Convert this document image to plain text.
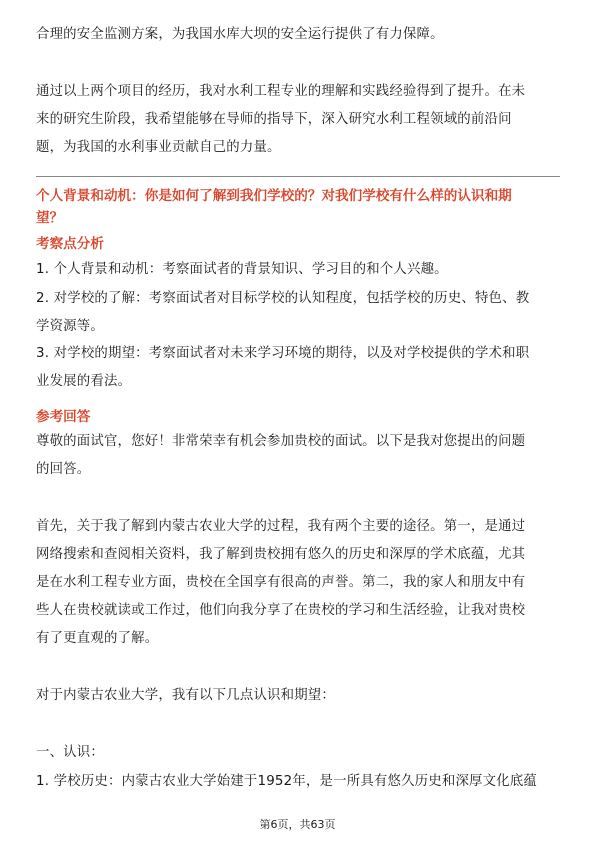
合理的安全监测方案，为我国水库大坝的安全运行提供了有力保障。

通过以上两个项目的经历，我对水利工程专业的理解和实践经验得到了提升。在未
来的研究生阶段，我希望能够在导师的指导下，深入研究水利工程领域的前沿问
题，为我国的水利事业贡献自己的力量。

个人背景和动机：你是如何了解到我们学校的？对我们学校有什么样的认识和期
望？

考察点分析

1. 个人背景和动机：考察面试者的背景知识、学习目的和个人兴趣。

2. 对学校的了解：考察面试者对目标学校的认知程度，包括学校的历史、特色、教
学资源等。

3. 对学校的期望：考察面试者对未来学习环境的期待，以及对学校提供的学术和职
业发展的看法。

参考回答

尊敬的面试官，您好！非常荣幸有机会参加贵校的面试。以下是我对您提出的问题
的回答。

首先，关于我了解到内蒙古农业大学的过程，我有两个主要的途径。第一，是通过
网络搜索和查阅相关资料，我了解到贵校拥有悠久的历史和深厚的学术底蕴，尤其
是在水利工程专业方面，贵校在全国享有很高的声誉。第二，我的家人和朋友中有
些人在贵校就读或工作过，他们向我分享了在贵校的学习和生活经验，让我对贵校
有了更直观的了解。

对于内蒙古农业大学，我有以下几点认识和期望：

一、认识：

1. 学校历史：内蒙古农业大学始建于1952年，是一所具有悠久历史和深厚文化底蕴

第6页，共63页
